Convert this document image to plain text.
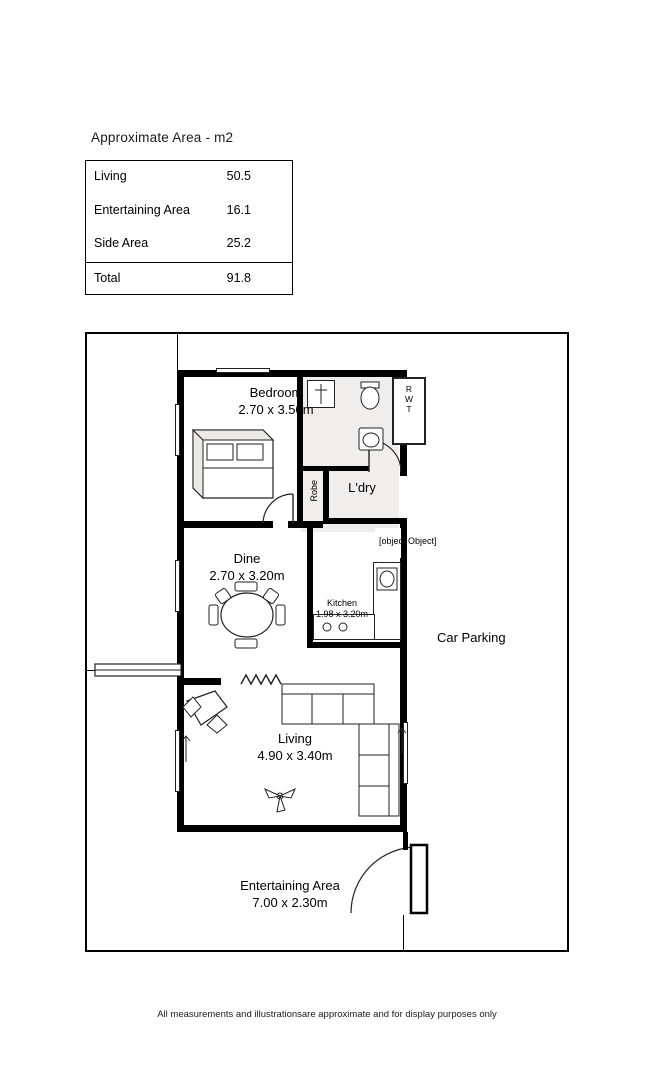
Approximate Area - m2
Living	50.5
Entertaining Area	16.1
Side Area	25.2
Total	91.8
R
W
T
[object Object]
Bedroom
2.70 x 3.50m
L'dry
Robe
Dine
2.70 x 3.20m
Kitchen
1.98 x 3.20m
Living
4.90 x 3.40m
Car Parking
Entertaining Area
7.00 x 2.30m
All measurements and illustrationsare approximate and for display purposes only
